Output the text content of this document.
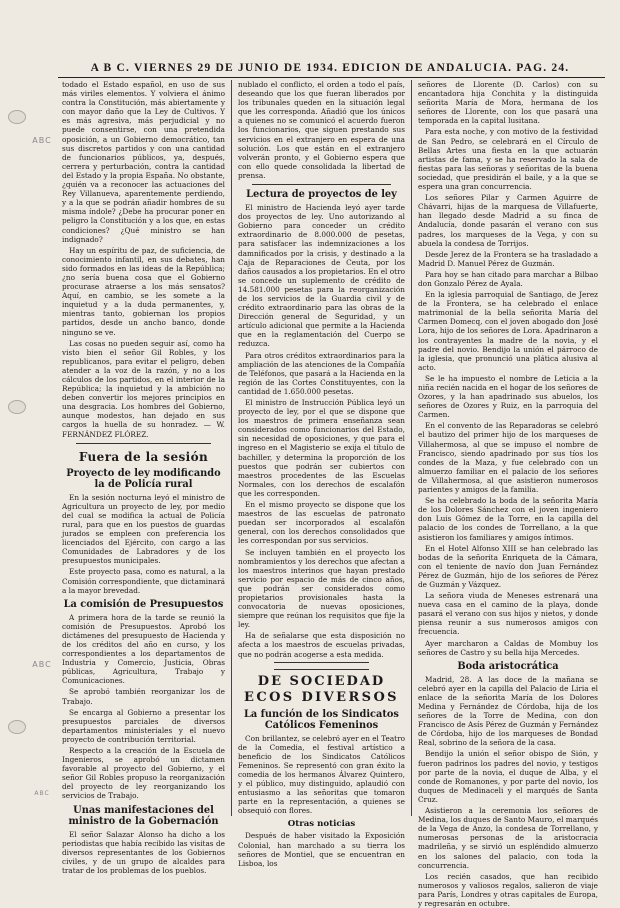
ABC
ABC
ABC
A B C. VIERNES 29 DE JUNIO DE 1934. EDICION DE ANDALUCIA. PAG. 24.

todado el Estado español, en uso de sus más viriles elementos. Y volviera el ánimo contra la Constitución, más abiertamente y con mayor daño que la Ley de Cultivos. Y es más agresiva, más perjudicial y no puede consentirse, con una pretendida oposición, a un Gobierno democrático, tan sus discretos partidos y con una cantidad de funcionarios públicos, ya, después, cerrera y perturbación, contra la cantidad del Estado y la propia España. No obstante, ¿quién va a reconocer las actuaciones del Rey Villanueva, aparentemente perdiendo, y a la que se podrán añadir hombres de su misma índole? ¿Debe ha procurar poner en peligro la Constitución y a los que, en estas condiciones? ¿Qué ministro se han indignado?

Hay un espíritu de paz, de suficiencia, de conocimiento infantil, en sus debates, han sido formados en las ideas de la República; ¿no sería buena cosa que el Gobierno procurase atraerse a los más sensatos? Aquí, en cambio, se les somete a la inquietud y a la duda permanentes, y, mientras tanto, gobiernan los propios partidos, desde un ancho banco, donde ninguno se ve.

Las cosas no pueden seguir así, como ha visto bien el señor Gil Robles, y los republicanos, para evitar el peligro, deben atender a la voz de la razón, y no a los cálculos de los partidos, en el interior de la República; la inquietud y la ambición no deben convertir los mejores principios en una desgracia. Los hombres del Gobierno, aunque modestos, han dejado en sus cargos la huella de su honradez. — W. FERNÁNDEZ FLÓREZ.

Fuera de la sesión
Proyecto de ley modificando la de Policía rural

En la sesión nocturna leyó el ministro de Agricultura un proyecto de ley, por medio del cual se modifica la actual de Policía rural, para que en los puestos de guardas jurados se empleen con preferencia los licenciados del Ejército, con cargo a las Comunidades de Labradores y de los presupuestos municipales.

Este proyecto pasa, como es natural, a la Comisión correspondiente, que dictaminará a la mayor brevedad.

La comisión de Presupuestos

A primera hora de la tarde se reunió la comisión de Presupuestos. Aprobó los dictámenes del presupuesto de Hacienda y de los créditos del año en curso, y los correspondientes a los departamentos de Industria y Comercio, Justicia, Obras públicas, Agricultura, Trabajo y Comunicaciones.

Se aprobó también reorganizar los de Trabajo.

Se encarga al Gobierno a presentar los presupuestos parciales de diversos departamentos ministeriales y el nuevo proyecto de contribución territorial.

Respecto a la creación de la Escuela de Ingenieros, se aprobó un dictamen favorable al proyecto del Gobierno, y el señor Gil Robles propuso la reorganización del proyecto de ley reorganizando los servicios de Trabajo.

Unas manifestaciones del ministro de la Gobernación

El señor Salazar Alonso ha dicho a los periodistas que había recibido las visitas de diversos representantes de los Gobiernos civiles, y de un grupo de alcaldes para tratar de los problemas de los pueblos.

nublado el conflicto, el orden a todo el país, deseando que los que fueran liberados por los tribunales queden en la situación legal que les corresponda. Añadió que los únicos a quienes no se comunicó el acuerdo fueron los funcionarios, que siguen prestando sus servicios en el extranjero en espera de una solución. Los que están en el extranjero volverán pronto, y el Gobierno espera que con ello quede consolidada la libertad de prensa.

Lectura de proyectos de ley

El ministro de Hacienda leyó ayer tarde dos proyectos de ley. Uno autorizando al Gobierno para conceder un crédito extraordinario de 8.000.000 de pesetas, para satisfacer las indemnizaciones a los damnificados por la crisis, y destinado a la Caja de Reparaciones de Ceuta, por los daños causados a los propietarios. En el otro se concede un suplemento de crédito de 14.581.000 pesetas para la reorganización de los servicios de la Guardia civil y de crédito extraordinario para las obras de la Dirección general de Seguridad, y un artículo adicional que permite a la Hacienda que en la reglamentación del Cuerpo se reduzca.

Para otros créditos extraordinarios para la ampliación de las atenciones de la Compañía de Teléfonos, que pasará a la Hacienda en la región de las Cortes Constituyentes, con la cantidad de 1.650.000 pesetas.

El ministro de Instrucción Pública leyó un proyecto de ley, por el que se dispone que los maestros de primera enseñanza sean considerados como funcionarios del Estado, sin necesidad de oposiciones, y que para el ingreso en el Magisterio se exija el título de bachiller, y determina la proporción de los puestos que podrán ser cubiertos con maestros procedentes de las Escuelas Normales, con los derechos de escalafón que les corresponden.

En el mismo proyecto se dispone que los maestros de las escuelas de patronato puedan ser incorporados al escalafón general, con los derechos consolidados que les correspondan por sus servicios.

Se incluyen también en el proyecto los nombramientos y los derechos que afectan a los maestros interinos que hayan prestado servicio por espacio de más de cinco años, que podrán ser considerados como propietarios provisionales hasta la convocatoria de nuevas oposiciones, siempre que reúnan los requisitos que fije la ley.

Ha de señalarse que esta disposición no afecta a los maestros de escuelas privadas, que no podrán acogerse a esta medida.

DE SOCIEDAD
ECOS DIVERSOS
La función de los Sindicatos Católicos Femeninos

Con brillantez, se celebró ayer en el Teatro de la Comedia, el festival artístico a beneficio de los Sindicatos Católicos Femeninos. Se representó con gran éxito la comedia de los hermanos Álvarez Quintero, y el público, muy distinguido, aplaudió con entusiasmo a las señoritas que tomaron parte en la representación, a quienes se obsequió con flores.

Otras noticias

Después de haber visitado la Exposición Colonial, han marchado a su tierra los señores de Montiel, que se encuentran en Lisboa, los

señores de Llorente (D. Carlos) con su encantadora hija Conchita y la distinguida señorita María de Mora, hermana de los señores de Llorente, con los que pasará una temporada en la capital lusitana.

Para esta noche, y con motivo de la festividad de San Pedro, se celebrará en el Círculo de Bellas Artes una fiesta en la que actuarán artistas de fama, y se ha reservado la sala de fiestas para las señoras y señoritas de la buena sociedad, que presidirán el baile, y a la que se espera una gran concurrencia.

Los señores Pilar y Carmen Aguirre de Chávarri, hijas de la marquesa de Villafuerte, han llegado desde Madrid a su finca de Andalucía, donde pasarán el verano con sus padres, los marqueses de la Vega, y con su abuela la condesa de Torrijos.

Desde Jerez de la Frontera se ha trasladado a Madrid D. Manuel Pérez de Guzmán.

Para hoy se han citado para marchar a Bilbao don Gonzalo Pérez de Ayala.

En la iglesia parroquial de Santiago, de Jerez de la Frontera, se ha celebrado el enlace matrimonial de la bella señorita María del Carmen Domecq, con el joven abogado don José Lora, hijo de los señores de Lora. Apadrinaron a los contrayentes la madre de la novia, y el padre del novio. Bendijo la unión el párroco de la iglesia, que pronunció una plática alusiva al acto.

Se le ha impuesto el nombre de Leticia a la niña recién nacida en el hogar de los señores de Ozores, y la han apadrinado sus abuelos, los señores de Ozores y Ruiz, en la parroquia del Carmen.

En el convento de las Reparadoras se celebró el bautizo del primer hijo de los marqueses de Villahermosa, al que se impuso el nombre de Francisco, siendo apadrinado por sus tíos los condes de la Maza, y fue celebrado con un almuerzo familiar en el palacio de los señores de Villahermosa, al que asistieron numerosos parientes y amigos de la familia.

Se ha celebrado la boda de la señorita María de los Dolores Sánchez con el joven ingeniero don Luis Gómez de la Torre, en la capilla del palacio de los condes de Torrellano, a la que asistieron los familiares y amigos íntimos.

En el Hotel Alfonso XIII se han celebrado las bodas de la señorita Enriqueta de la Cámara, con el teniente de navío don Juan Fernández Pérez de Guzmán, hijo de los señores de Pérez de Guzmán y Vázquez.

La señora viuda de Meneses estrenará una nueva casa en el camino de la playa, donde pasará el verano con sus hijos y nietos, y donde piensa reunir a sus numerosos amigos con frecuencia.

Ayer marcharon a Caldas de Mombuy los señores de Castro y su bella hija Mercedes.

Boda aristocrática

Madrid, 28. A las doce de la mañana se celebró ayer en la capilla del Palacio de Liria el enlace de la señorita María de los Dolores Medina y Fernández de Córdoba, hija de los señores de la Torre de Medina, con don Francisco de Asís Pérez de Guzmán y Fernández de Córdoba, hijo de los marqueses de Bondad Real, sobrino de la señora de la casa.

Bendijo la unión el señor obispo de Sión, y fueron padrinos los padres del novio, y testigos por parte de la novia, el duque de Alba, y el conde de Romanones, y por parte del novio, los duques de Medinaceli y el marqués de Santa Cruz.

Asistieron a la ceremonia los señores de Medina, los duques de Santo Mauro, el marqués de la Vega de Anzo, la condesa de Torrellano, y numerosas personas de la aristocracia madrileña, y se sirvió un espléndido almuerzo en los salones del palacio, con toda la concurrencia.

Los recién casados, que han recibido numerosos y valiosos regalos, salieron de viaje para París, Londres y otras capitales de Europa, y regresarán en octubre.
